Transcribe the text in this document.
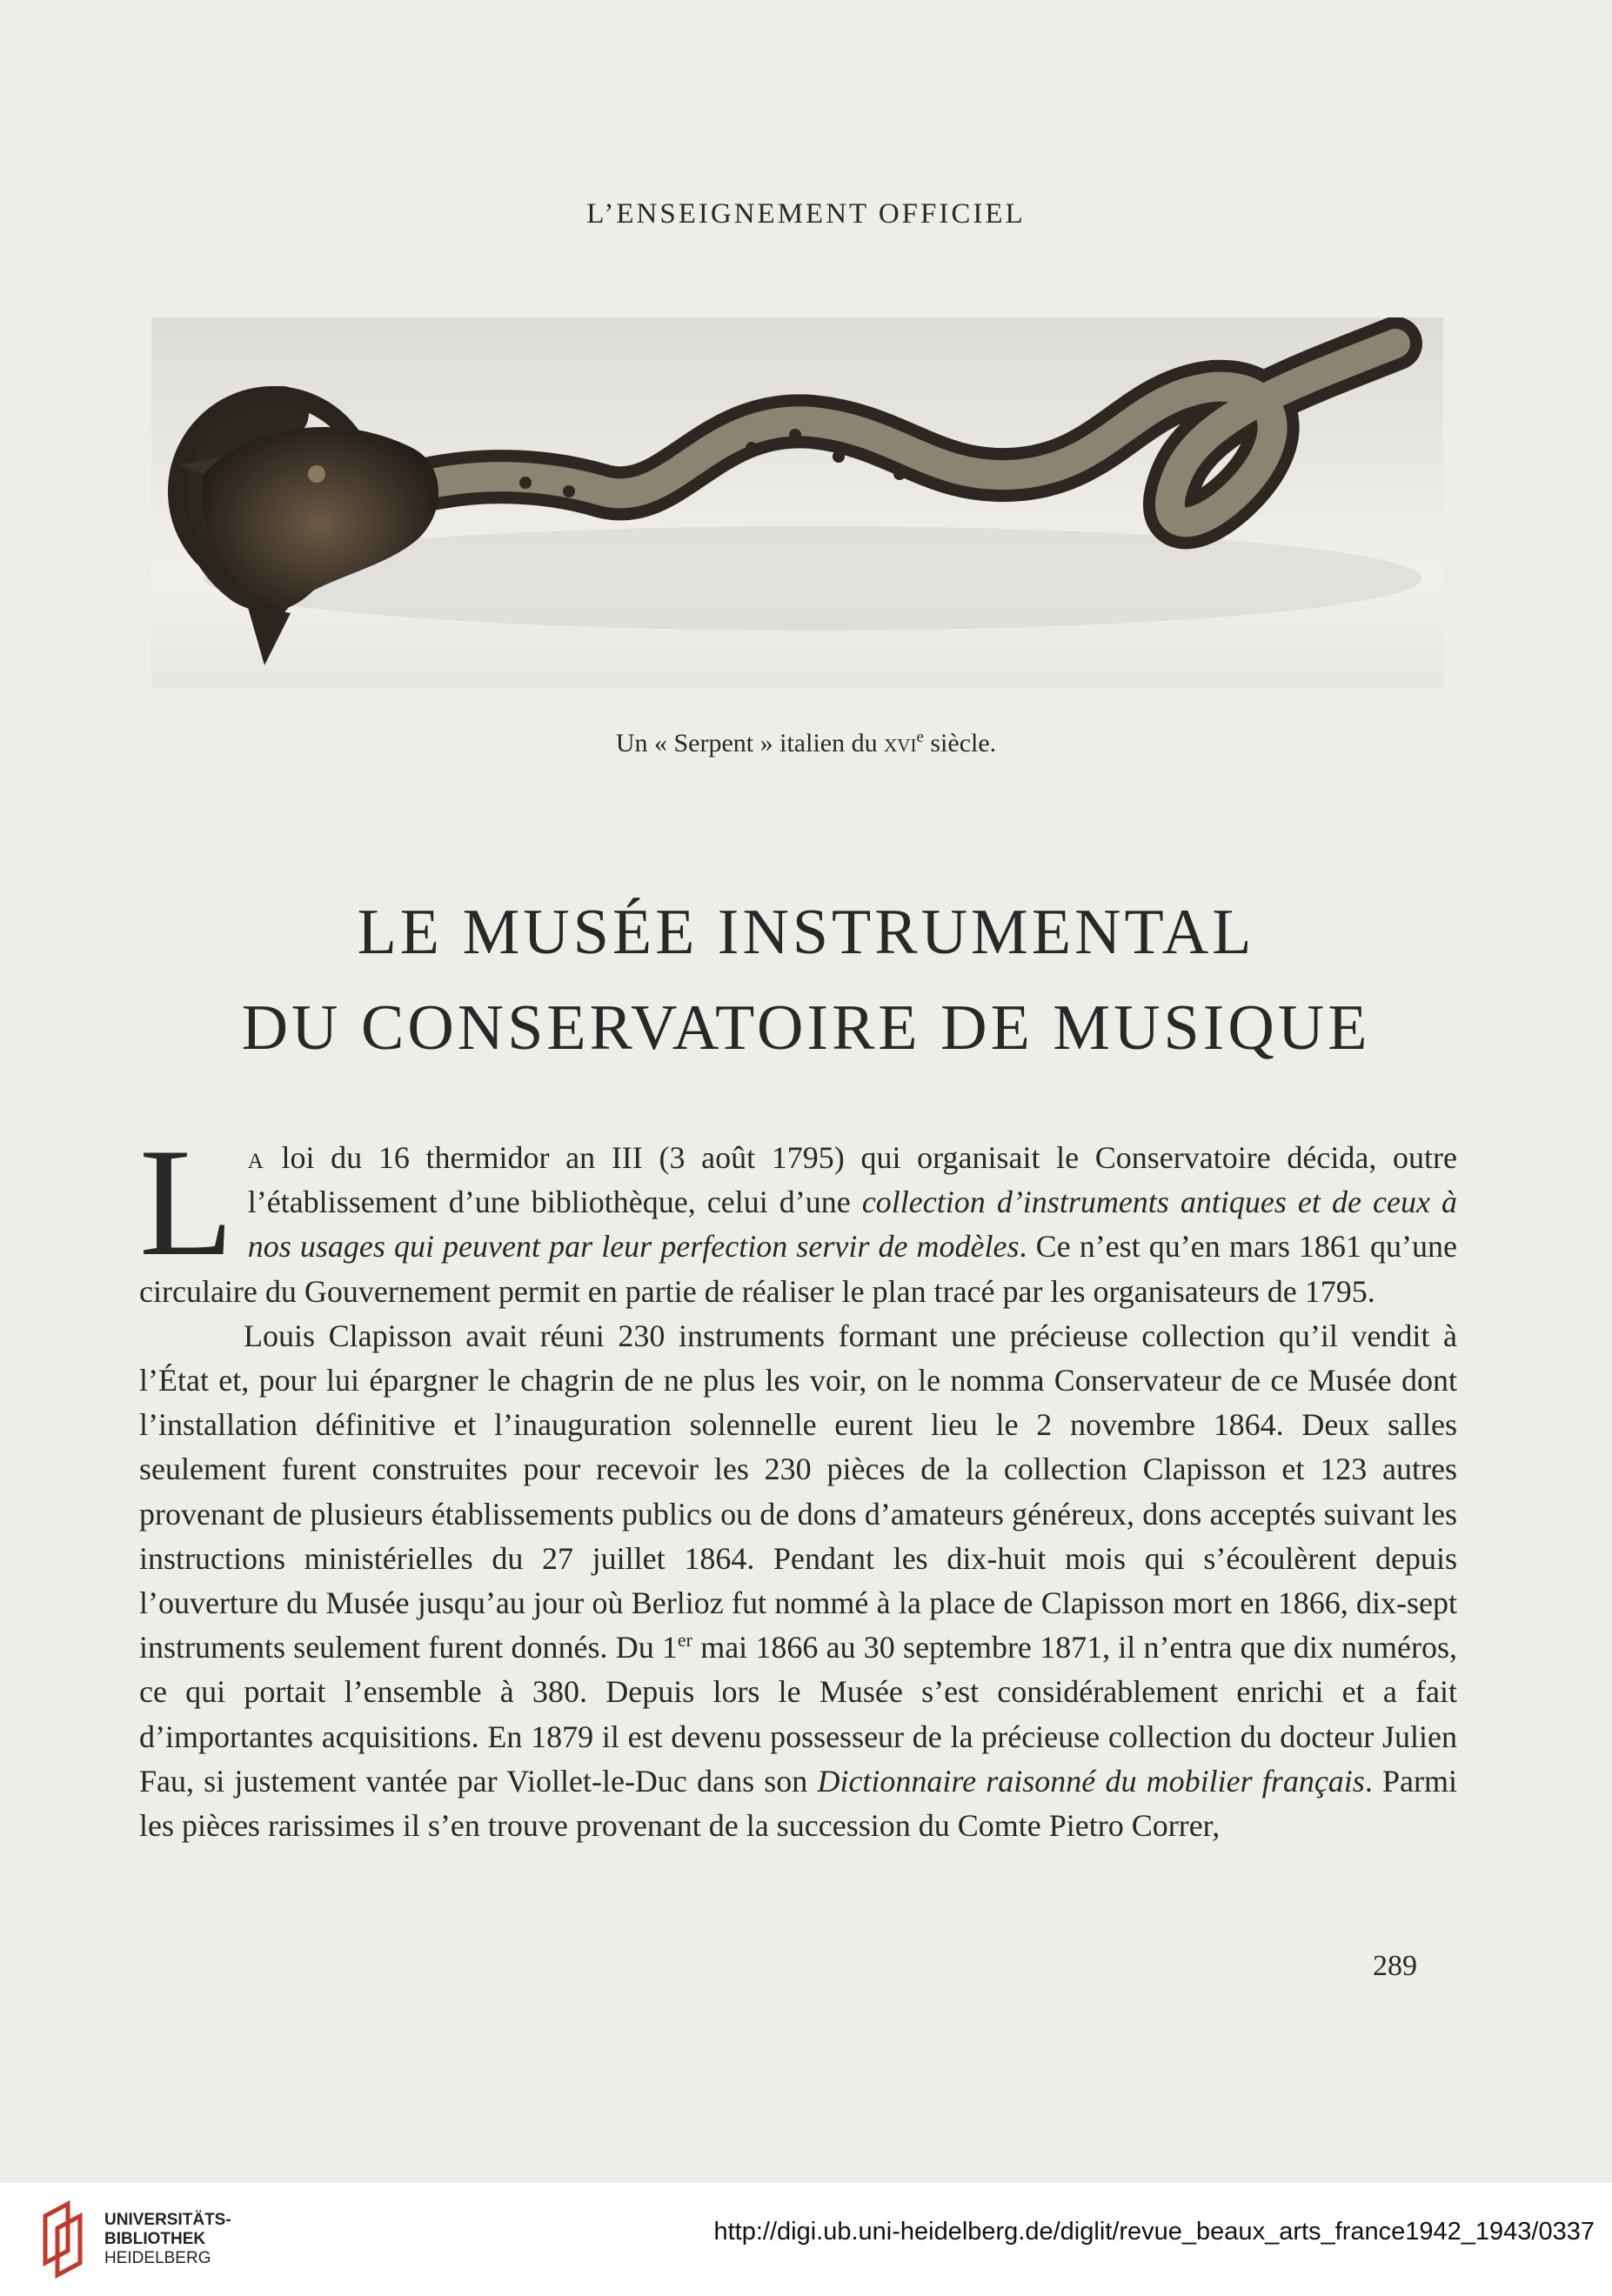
L’ENSEIGNEMENT OFFICIEL
Un « Serpent » italien du xvi$^e$ siècle.
LE MUSÉE INSTRUMENTAL
DU CONSERVATOIRE DE MUSIQUE

La loi du 16 thermidor an III (3 août 1795) qui organisait le Conservatoire décida, outre l’établissement d’une bibliothèque, celui d’une collection d’instruments antiques et de ceux à nos usages qui peuvent par leur perfection servir de modèles. Ce n’est qu’en mars 1861 qu’une circulaire du Gouvernement permit en partie de réaliser le plan tracé par les organisateurs de 1795.

Louis Clapisson avait réuni 230 instruments formant une précieuse collection qu’il vendit à l’État et, pour lui épargner le chagrin de ne plus les voir, on le nomma Conservateur de ce Musée dont l’installation définitive et l’inauguration solennelle eurent lieu le 2 novembre 1864. Deux salles seulement furent construites pour recevoir les 230 pièces de la collection Clapisson et 123 autres provenant de plusieurs établissements publics ou de dons d’amateurs généreux, dons acceptés suivant les instructions ministérielles du 27 juillet 1864. Pendant les dix-huit mois qui s’écoulèrent depuis l’ouverture du Musée jusqu’au jour où Berlioz fut nommé à la place de Clapisson mort en 1866, dix-sept instruments seulement furent donnés. Du 1er mai 1866 au 30 septembre 1871, il n’entra que dix numéros, ce qui portait l’ensemble à 380. Depuis lors le Musée s’est considérablement enrichi et a fait d’importantes acquisitions. En 1879 il est devenu possesseur de la précieuse collection du docteur Julien Fau, si justement vantée par Viollet-le-Duc dans son Dictionnaire raisonné du mobilier français. Parmi les pièces rarissimes il s’en trouve provenant de la succession du Comte Pietro Correr,

289
UNIVERSITÄTS-
BIBLIOTHEK
HEIDELBERG
http://digi.ub.uni-heidelberg.de/diglit/revue_beaux_arts_france1942_1943/0337
